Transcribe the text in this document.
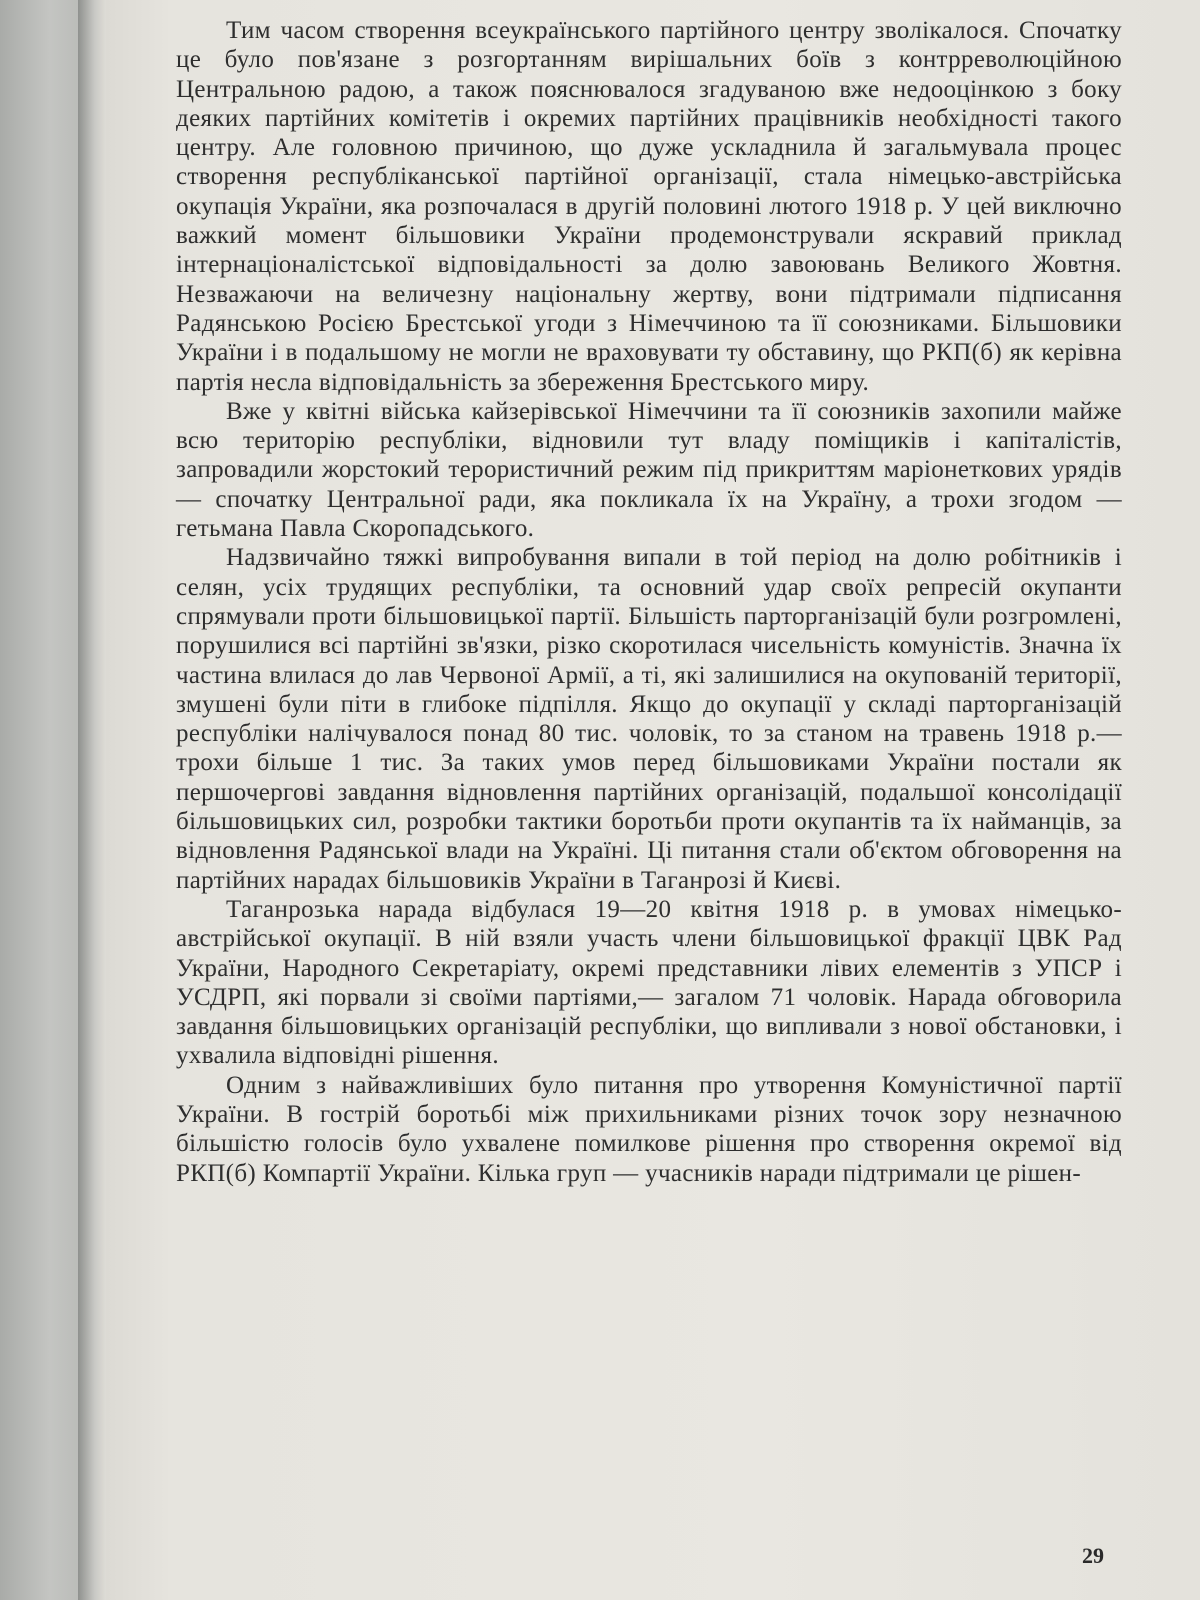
Тим часом створення всеукраїнського партійного центру зволікалося. Спочатку це було пов'язане з розгортанням вирішальних боїв з контрреволюційною Центральною радою, а також пояснювалося згадуваною вже недооцінкою з боку деяких партійних комітетів і окремих партійних працівників необхідності такого центру. Але головною причиною, що дуже ускладнила й загальмувала процес створення республіканської партійної організації, стала німецько-австрійська окупація України, яка розпочалася в другій половині лютого 1918 р. У цей виключно важкий момент більшовики України продемонстрували яскравий приклад інтернаціоналістської відповідальності за долю завоювань Великого Жовтня. Незважаючи на величезну національну жертву, вони підтримали підписання Радянською Росією Брестської угоди з Німеччиною та її союзниками. Більшовики України і в подальшому не могли не враховувати ту обставину, що РКП(б) як керівна партія несла відповідальність за збереження Брестського миру.

Вже у квітні війська кайзерівської Німеччини та її союзників захопили майже всю територію республіки, відновили тут владу поміщиків і капіталістів, запровадили жорстокий терористичний режим під прикриттям маріонеткових урядів — спочатку Центральної ради, яка покликала їх на Україну, а трохи згодом — гетьмана Павла Скоропадського.

Надзвичайно тяжкі випробування випали в той період на долю робітників і селян, усіх трудящих республіки, та основний удар своїх репресій окупанти спрямували проти більшовицької партії. Більшість парторганізацій були розгромлені, порушилися всі партійні зв'язки, різко скоротилася чисельність комуністів. Значна їх частина влилася до лав Червоної Армії, а ті, які залишилися на окупованій території, змушені були піти в глибоке підпілля. Якщо до окупації у складі парторганізацій республіки налічувалося понад 80 тис. чоловік, то за станом на травень 1918 р.— трохи більше 1 тис. За таких умов перед більшовиками України постали як першочергові завдання відновлення партійних організацій, подальшої консолідації більшовицьких сил, розробки тактики боротьби проти окупантів та їх найманців, за відновлення Радянської влади на Україні. Ці питання стали об'єктом обговорення на партійних нарадах більшовиків України в Таганрозі й Києві.

Таганрозька нарада відбулася 19—20 квітня 1918 р. в умовах німецько-австрійської окупації. В ній взяли участь члени більшовицької фракції ЦВК Рад України, Народного Секретаріату, окремі представники лівих елементів з УПСР і УСДРП, які порвали зі своїми партіями,— загалом 71 чоловік. Нарада обговорила завдання більшовицьких організацій республіки, що випливали з нової обстановки, і ухвалила відповідні рішення.

Одним з найважливіших було питання про утворення Комуністичної партії України. В гострій боротьбі між прихильниками різних точок зору незначною більшістю голосів було ухвалене помилкове рішення про створення окремої від РКП(б) Компартії України. Кілька груп — учасників наради підтримали це рішен-

29
